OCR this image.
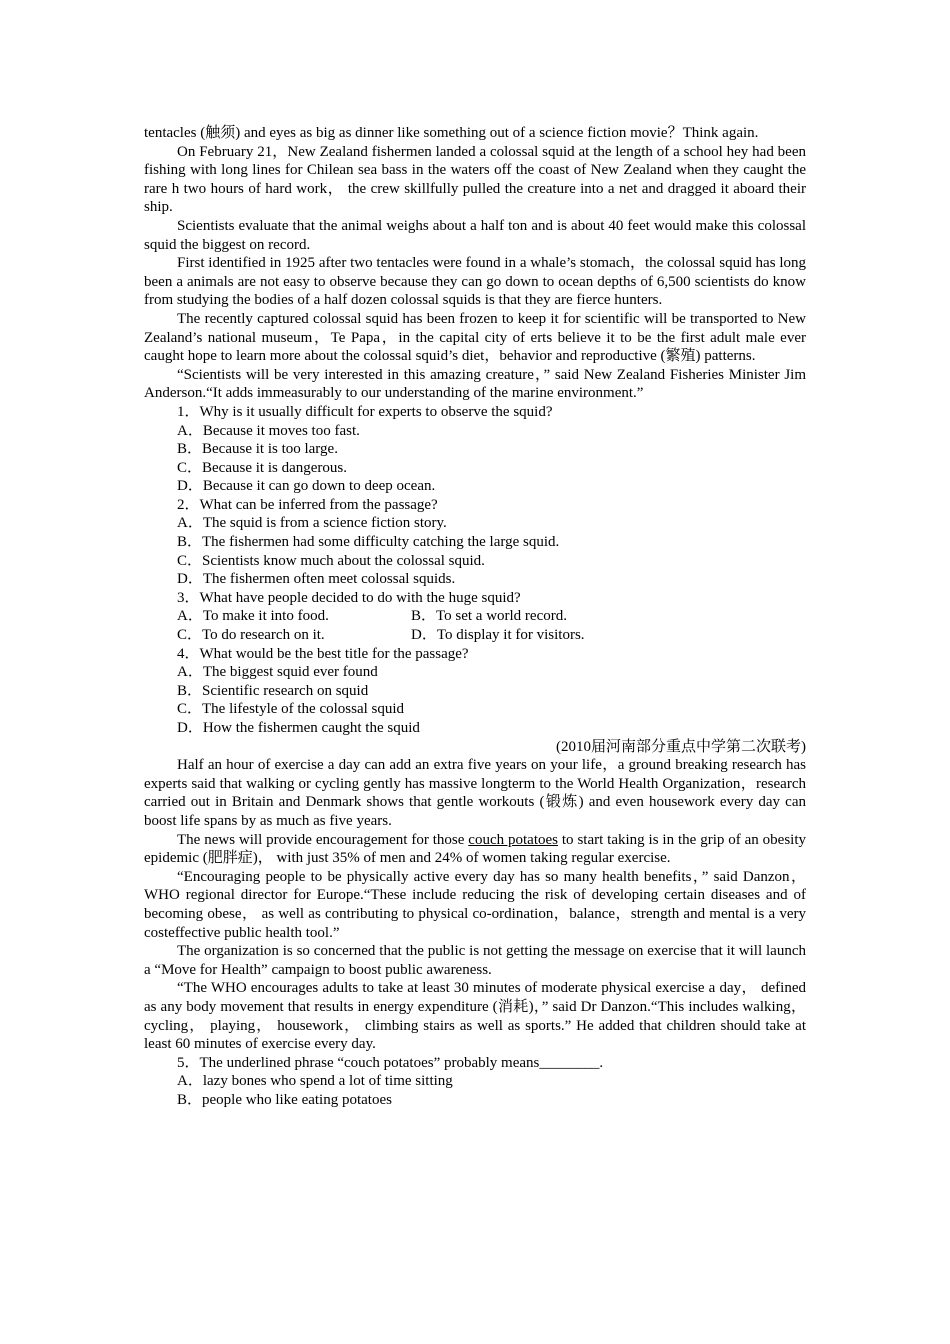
tentacles (触须) and eyes as big as dinner like something out of a science fiction movie？Think again.

On February 21，New Zealand fishermen landed a colossal squid at the length of a school hey had been fishing with long lines for Chilean sea bass in the waters off the coast of New Zealand when they caught the rare h two hours of hard work， the crew skillfully pulled the creature into a net and dragged it aboard their ship.

Scientists evaluate that the animal weighs about a half ton and is about 40 feet would make this colossal squid the biggest on record.

First identified in 1925 after two tentacles were found in a whale’s stomach，the colossal squid has long been a animals are not easy to observe because they can go down to ocean depths of 6,500 scientists do know from studying the bodies of a half dozen colossal squids is that they are fierce hunters.

The recently captured colossal squid has been frozen to keep it for scientific will be transported to New Zealand’s national museum，Te Papa，in the capital city of erts believe it to be the first adult male ever caught hope to learn more about the colossal squid’s diet，behavior and reproductive (繁殖) patterns.

“Scientists will be very interested in this amazing creature，” said New Zealand Fisheries Minister Jim Anderson.“It adds immeasurably to our understanding of the marine environment.”

1．Why is it usually difficult for experts to observe the squid?

A．Because it moves too fast.

B．Because it is too large.

C．Because it is dangerous.

D．Because it can go down to deep ocean.

2．What can be inferred from the passage?

A．The squid is from a science fiction story.

B．The fishermen had some difficulty catching the large squid.

C．Scientists know much about the colossal squid.

D．The fishermen often meet colossal squids.

3．What have people decided to do with the huge squid?

A．To make it into food.	B．To set a world record.
C．To do research on it.	D．To display it for visitors.

4．What would be the best title for the passage?

A．The biggest squid ever found

B．Scientific research on squid

C．The lifestyle of the colossal squid

D．How the fishermen caught the squid

(2010届河南部分重点中学第二次联考)

Half an hour of exercise a day can add an extra five years on your life，a ground breaking research has experts said that walking or cycling gently has massive longterm to the World Health Organization，research carried out in Britain and Denmark shows that gentle workouts (锻炼) and even housework every day can boost life spans by as much as five years.

The news will provide encouragement for those couch potatoes to start taking is in the grip of an obesity epidemic (肥胖症)， with just 35% of men and 24% of women taking regular exercise.

“Encouraging people to be physically active every day has so many health benefits，” said Danzon， WHO regional director for Europe.“These include reducing the risk of developing certain diseases and of becoming obese， as well as contributing to physical co-ordination，balance，strength and mental is a very costeffective public health tool.”

The organization is so concerned that the public is not getting the message on exercise that it will launch a “Move for Health” campaign to boost public awareness.

“The WHO encourages adults to take at least 30 minutes of moderate physical exercise a day， defined as any body movement that results in energy expenditure (消耗)，” said Dr Danzon.“This includes walking， cycling， playing， housework， climbing stairs as well as sports.” He added that children should take at least 60 minutes of exercise every day.

5．The underlined phrase “couch potatoes” probably means________.

A．lazy bones who spend a lot of time sitting

B．people who like eating potatoes
